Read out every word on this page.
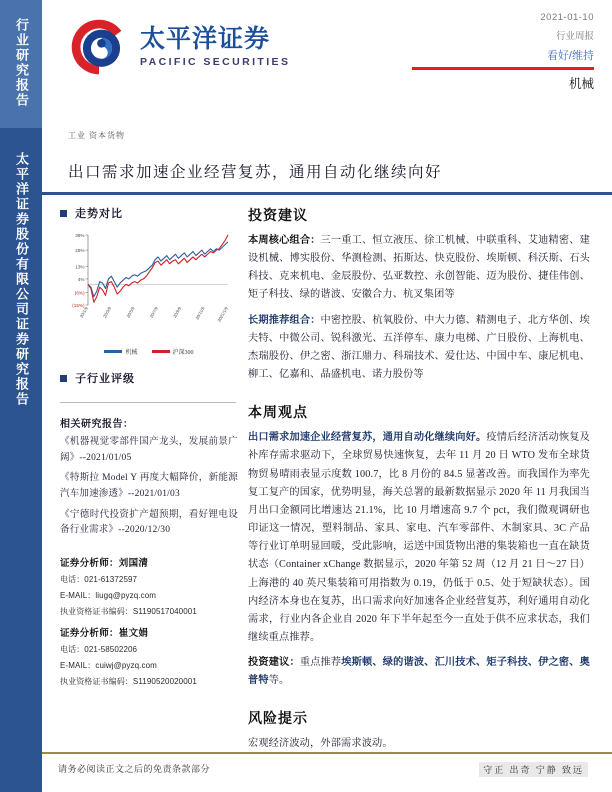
行业研究报告
太平洋证券股份有限公司证券研究报告
太平洋证券
PACIFIC SECURITIES
2021-01-10
行业周报
看好/维持
机械
工业 资本货物
出口需求加速企业经营复苏，通用自动化继续向好
走势对比
36%
25%
13%
4%
(6%)
(15%)
20/1/9	20/3/9	20/5/9	20/7/9	20/9/9	20/11/9	2021/1/9
机械	沪深300
子行业评级
相关研究报告：
《机器视觉零部件国产龙头，发展前景广阔》--2021/01/05
《特斯拉 Model Y 再度大幅降价，新能源汽车加速渗透》--2021/01/03
《宁德时代投资扩产超预期，看好锂电设备行业需求》--2020/12/30
证券分析师：刘国清
电话：021-61372597
E-MAIL：liugq@pyzq.com
执业资格证书编码：S1190517040001
证券分析师：崔文娟
电话：021-58502206
E-MAIL：cuiwj@pyzq.com
执业资格证书编码：S1190520020001
投资建议
本周核心组合：三一重工、恒立液压、徐工机械、中联重科、艾迪精密、建设机械、博实股份、华测检测、拓斯达、快克股份、埃斯顿、科沃斯、石头科技、克来机电、金辰股份、弘亚数控、永创智能、迈为股份、捷佳伟创、矩子科技、绿的谐波、安徽合力、杭叉集团等
长期推荐组合：中密控股、杭氧股份、中大力德、精测电子、北方华创、埃夫特、中微公司、锐科激光、五洋停车、康力电梯、广日股份、上海机电、杰瑞股份、伊之密、浙江鼎力、科瑞技术、爱仕达、中国中车、康尼机电、柳工、亿嘉和、晶盛机电、诺力股份等
本周观点
出口需求加速企业经营复苏，通用自动化继续向好。疫情后经济活动恢复及补库存需求驱动下，全球贸易快速恢复，去年 11 月 20 日 WTO 发布全球货物贸易晴雨表显示度数 100.7，比 8 月份的 84.5 显著改善。而我国作为率先复工复产的国家，优势明显，海关总署的最新数据显示 2020 年 11 月我国当月出口金额同比增速达 21.1%，比 10 月增速高 9.7 个 pct，我们微观调研也印证这一情况，塑料制品、家具、家电、汽车零部件、木制家具、3C 产品等行业订单明显回暖，受此影响，运送中国货物出港的集装箱也一直在缺货状态（Container xChange 数据显示，2020 年第 52 周（12 月 21 日～27 日）上海港的 40 英尺集装箱可用指数为 0.19，仍低于 0.5、处于短缺状态）。国内经济本身也在复苏，出口需求向好加速各企业经营复苏，利好通用自动化需求，行业内各企业自 2020 年下半年起至今一直处于供不应求状态，我们继续重点推荐。
投资建议：重点推荐埃斯顿、绿的谐波、汇川技术、矩子科技、伊之密、奥普特等。
风险提示
宏观经济波动，外部需求波动。
请务必阅读正文之后的免责条款部分	守正 出奇 宁静 致远
